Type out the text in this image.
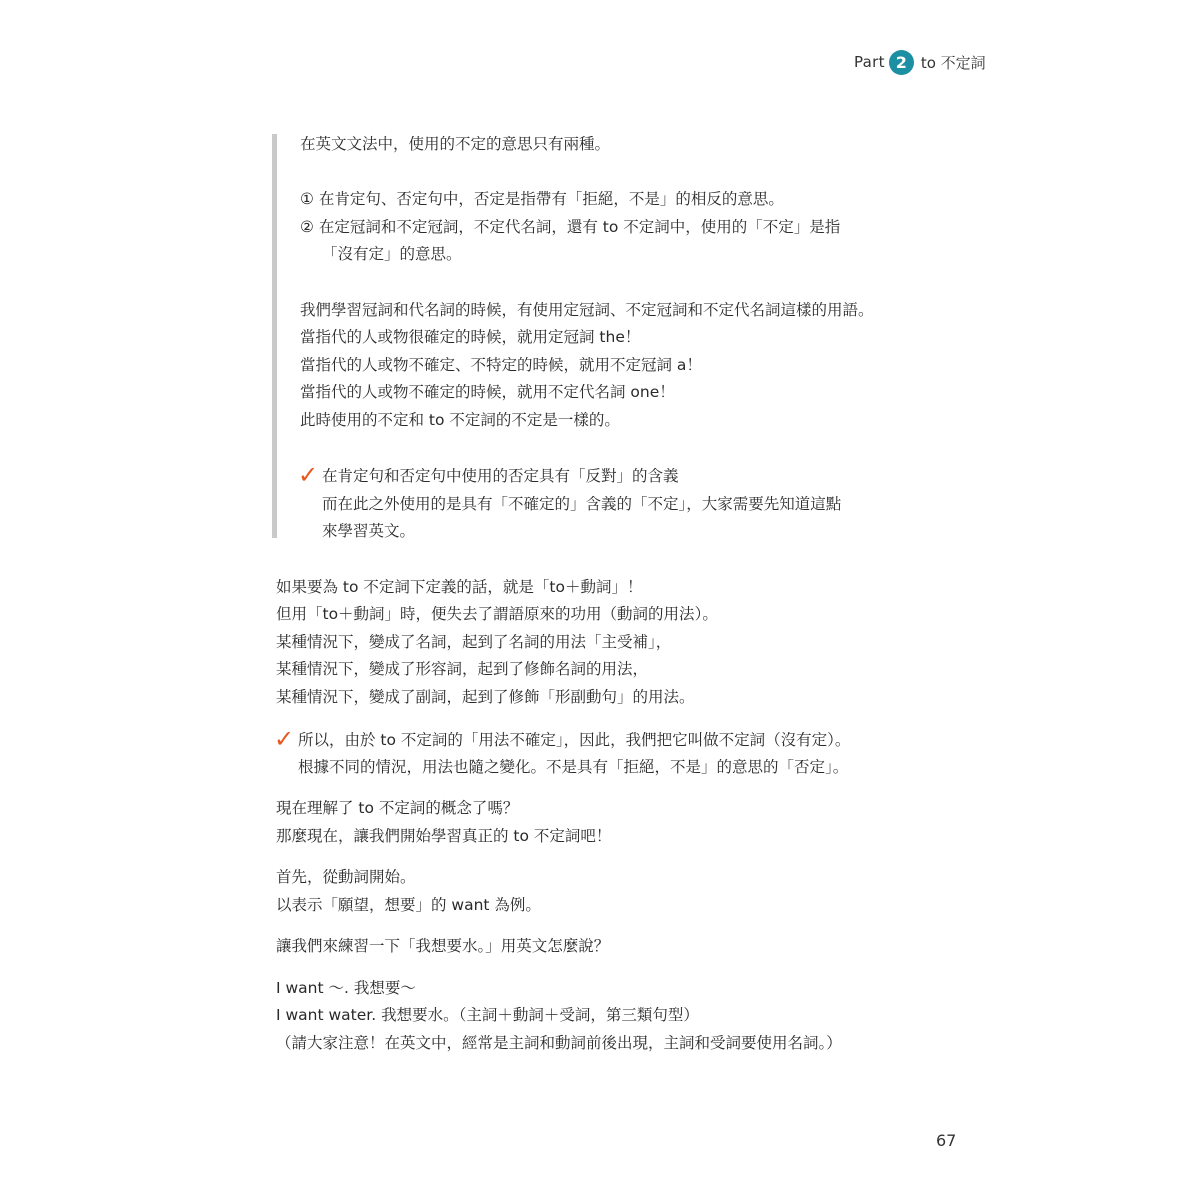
Part 2 to 不定詞
在英文文法中，使用的不定的意思只有兩種。
① 在肯定句、否定句中，否定是指帶有「拒絕，不是」的相反的意思。
② 在定冠詞和不定冠詞，不定代名詞，還有 to 不定詞中，使用的「不定」是指
「沒有定」的意思。
我們學習冠詞和代名詞的時候，有使用定冠詞、不定冠詞和不定代名詞這樣的用語。
當指代的人或物很確定的時候，就用定冠詞 the！
當指代的人或物不確定、不特定的時候，就用不定冠詞 a！
當指代的人或物不確定的時候，就用不定代名詞 one！
此時使用的不定和 to 不定詞的不定是一樣的。
✓ 在肯定句和否定句中使用的否定具有「反對」的含義
而在此之外使用的是具有「不確定的」含義的「不定」，大家需要先知道這點
來學習英文。
如果要為 to 不定詞下定義的話，就是「to＋動詞」！
但用「to＋動詞」時，便失去了謂語原來的功用（動詞的用法）。
某種情況下，變成了名詞，起到了名詞的用法「主受補」，
某種情況下，變成了形容詞，起到了修飾名詞的用法，
某種情況下，變成了副詞，起到了修飾「形副動句」的用法。
✓ 所以，由於 to 不定詞的「用法不確定」，因此，我們把它叫做不定詞（沒有定）。
根據不同的情況，用法也隨之變化。不是具有「拒絕，不是」的意思的「否定」。
現在理解了 to 不定詞的概念了嗎？
那麼現在，讓我們開始學習真正的 to 不定詞吧！
首先，從動詞開始。
以表示「願望，想要」的 want 為例。
讓我們來練習一下「我想要水。」用英文怎麼說？
I want ～. 我想要～
I want water. 我想要水。（主詞＋動詞＋受詞，第三類句型）
（請大家注意！在英文中，經常是主詞和動詞前後出現，主詞和受詞要使用名詞。）
67
